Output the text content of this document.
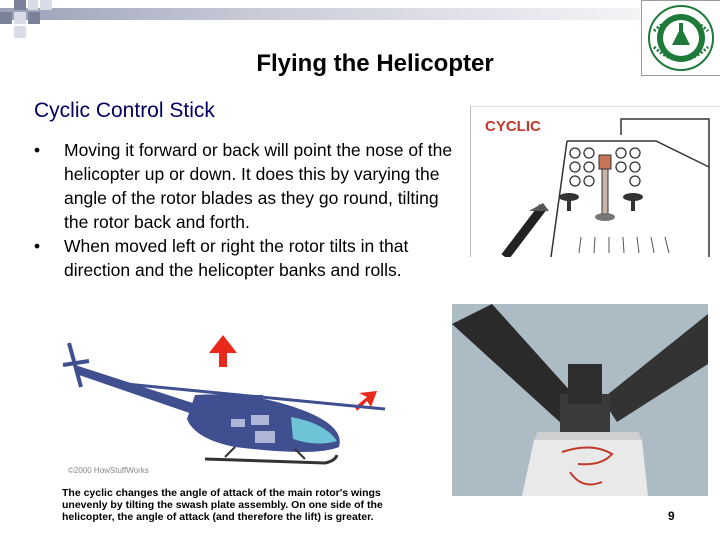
Flying the Helicopter
Cyclic Control Stick

• Moving it forward or back will point the nose of the helicopter up or down. It does this by varying the angle of the rotor blades as they go round, tilting the rotor back and forth.

• When moved left or right the rotor tilts in that direction and the helicopter banks and rolls.

CYCLIC
©2000 HowStuffWorks
The cyclic changes the angle of attack of the main rotor's wings unevenly by tilting the swash plate assembly. On one side of the helicopter, the angle of attack (and therefore the lift) is greater.	9
